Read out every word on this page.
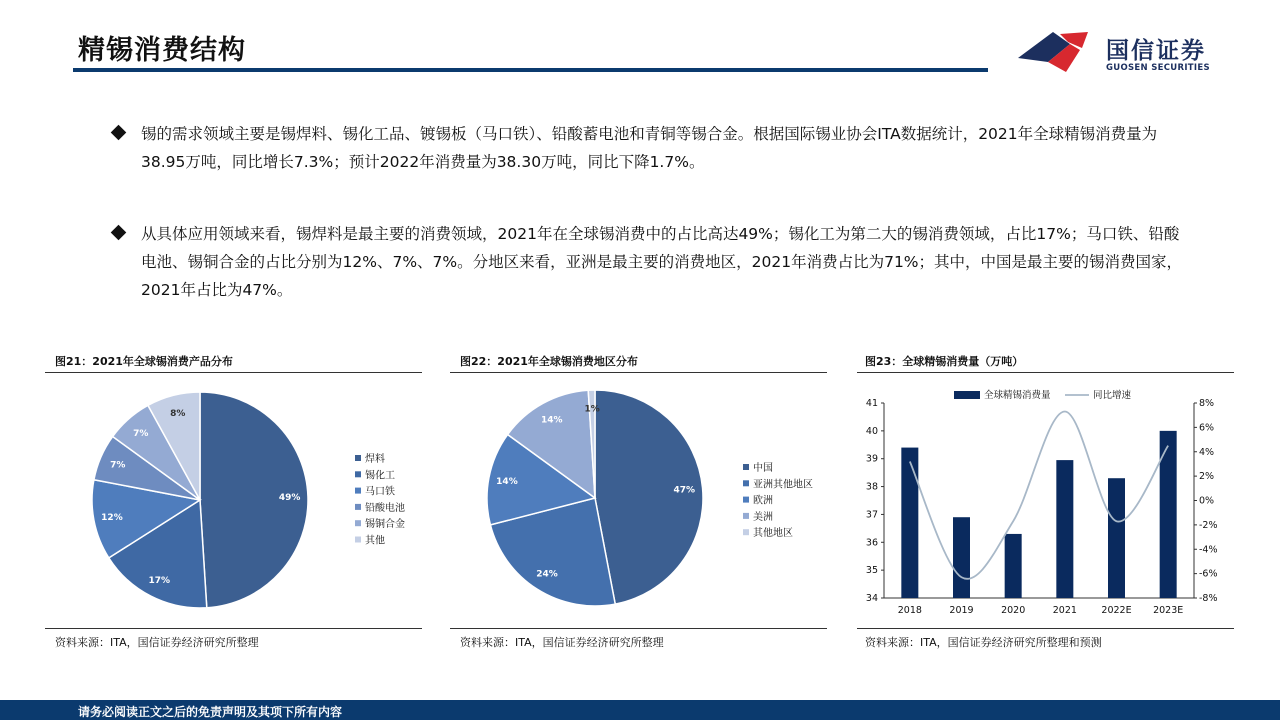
精锡消费结构	国信证券
GUOSEN SECURITIES
锡的需求领域主要是锡焊料、锡化工品、镀锡板（马口铁）、铅酸蓄电池和青铜等锡合金。根据国际锡业协会ITA数据统计，2021年全球精锡消费量为38.95万吨，同比增长7.3%；预计2022年消费量为38.30万吨，同比下降1.7%。
从具体应用领域来看，锡焊料是最主要的消费领域，2021年在全球锡消费中的占比高达49%；锡化工为第二大的锡消费领域，占比17%；马口铁、铅酸电池、锡铜合金的占比分别为12%、7%、7%。分地区来看，亚洲是最主要的消费地区，2021年消费占比为71%；其中，中国是最主要的锡消费国家，2021年占比为47%。
图21：2021年全球锡消费产品分布
49%
17%
12%
7%
7%
8%
焊料
锡化工
马口铁
铅酸电池
锡铜合金
其他
资料来源：ITA，国信证券经济研究所整理
图22：2021年全球锡消费地区分布
47%
24%
14%
14%
1%
中国
亚洲其他地区
欧洲
美洲
其他地区
资料来源：ITA，国信证券经济研究所整理
图23：全球精锡消费量（万吨）
34
35
36
37
38
39
40
41
-8%
-6%
-4%
-2%
0%
2%
4%
6%
8%
2018	2019	2020	2021	2022E 2023E
全球精锡消费量	同比增速
资料来源：ITA，国信证券经济研究所整理和预测
请务必阅读正文之后的免责声明及其项下所有内容
